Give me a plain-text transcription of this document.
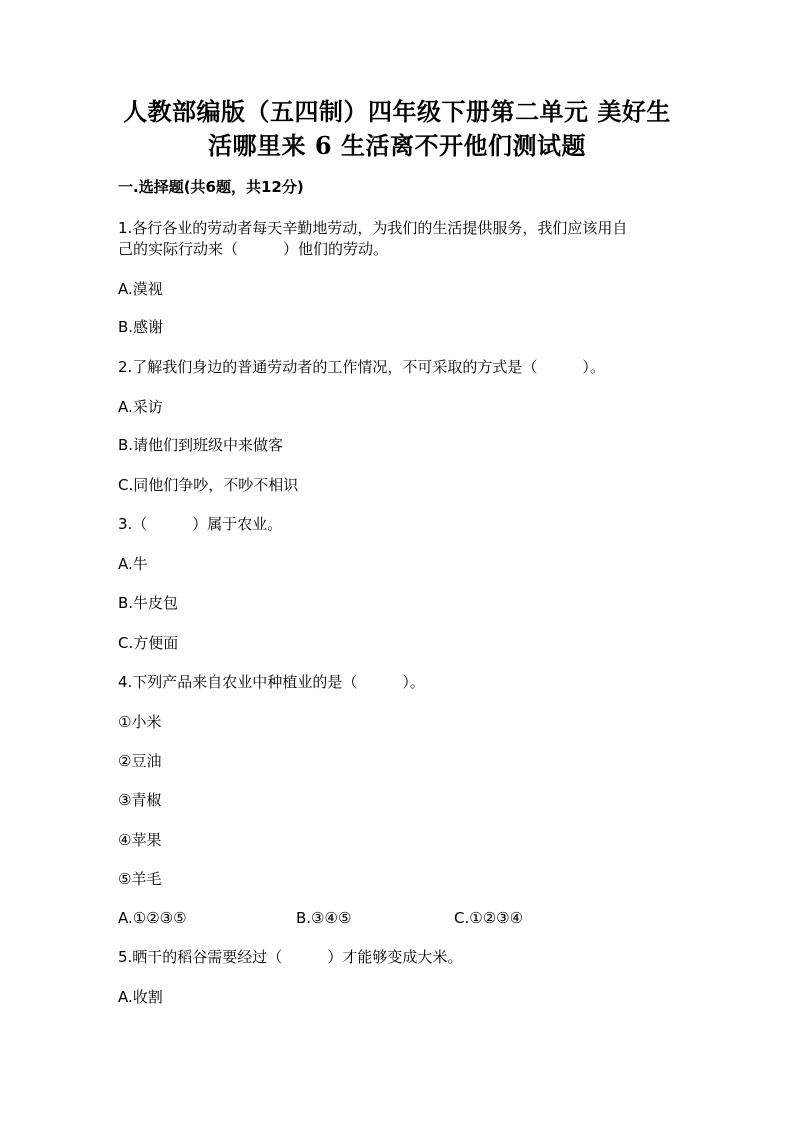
人教部编版（五四制）四年级下册第二单元 美好生
活哪里来 6 生活离不开他们测试题
一.选择题(共6题，共12分)
1.各行各业的劳动者每天辛勤地劳动，为我们的生活提供服务，我们应该用自
己的实际行动来（　　　）他们的劳动。
A.漠视
B.感谢
2.了解我们身边的普通劳动者的工作情况，不可采取的方式是（　　　）。
A.采访
B.请他们到班级中来做客
C.同他们争吵，不吵不相识
3.（　　　）属于农业。
A.牛
B.牛皮包
C.方便面
4.下列产品来自农业中种植业的是（　　　）。
①小米
②豆油
③青椒
④苹果
⑤羊毛
A.①②③⑤	B.③④⑤	C.①②③④
5.晒干的稻谷需要经过（　　　）才能够变成大米。
A.收割
